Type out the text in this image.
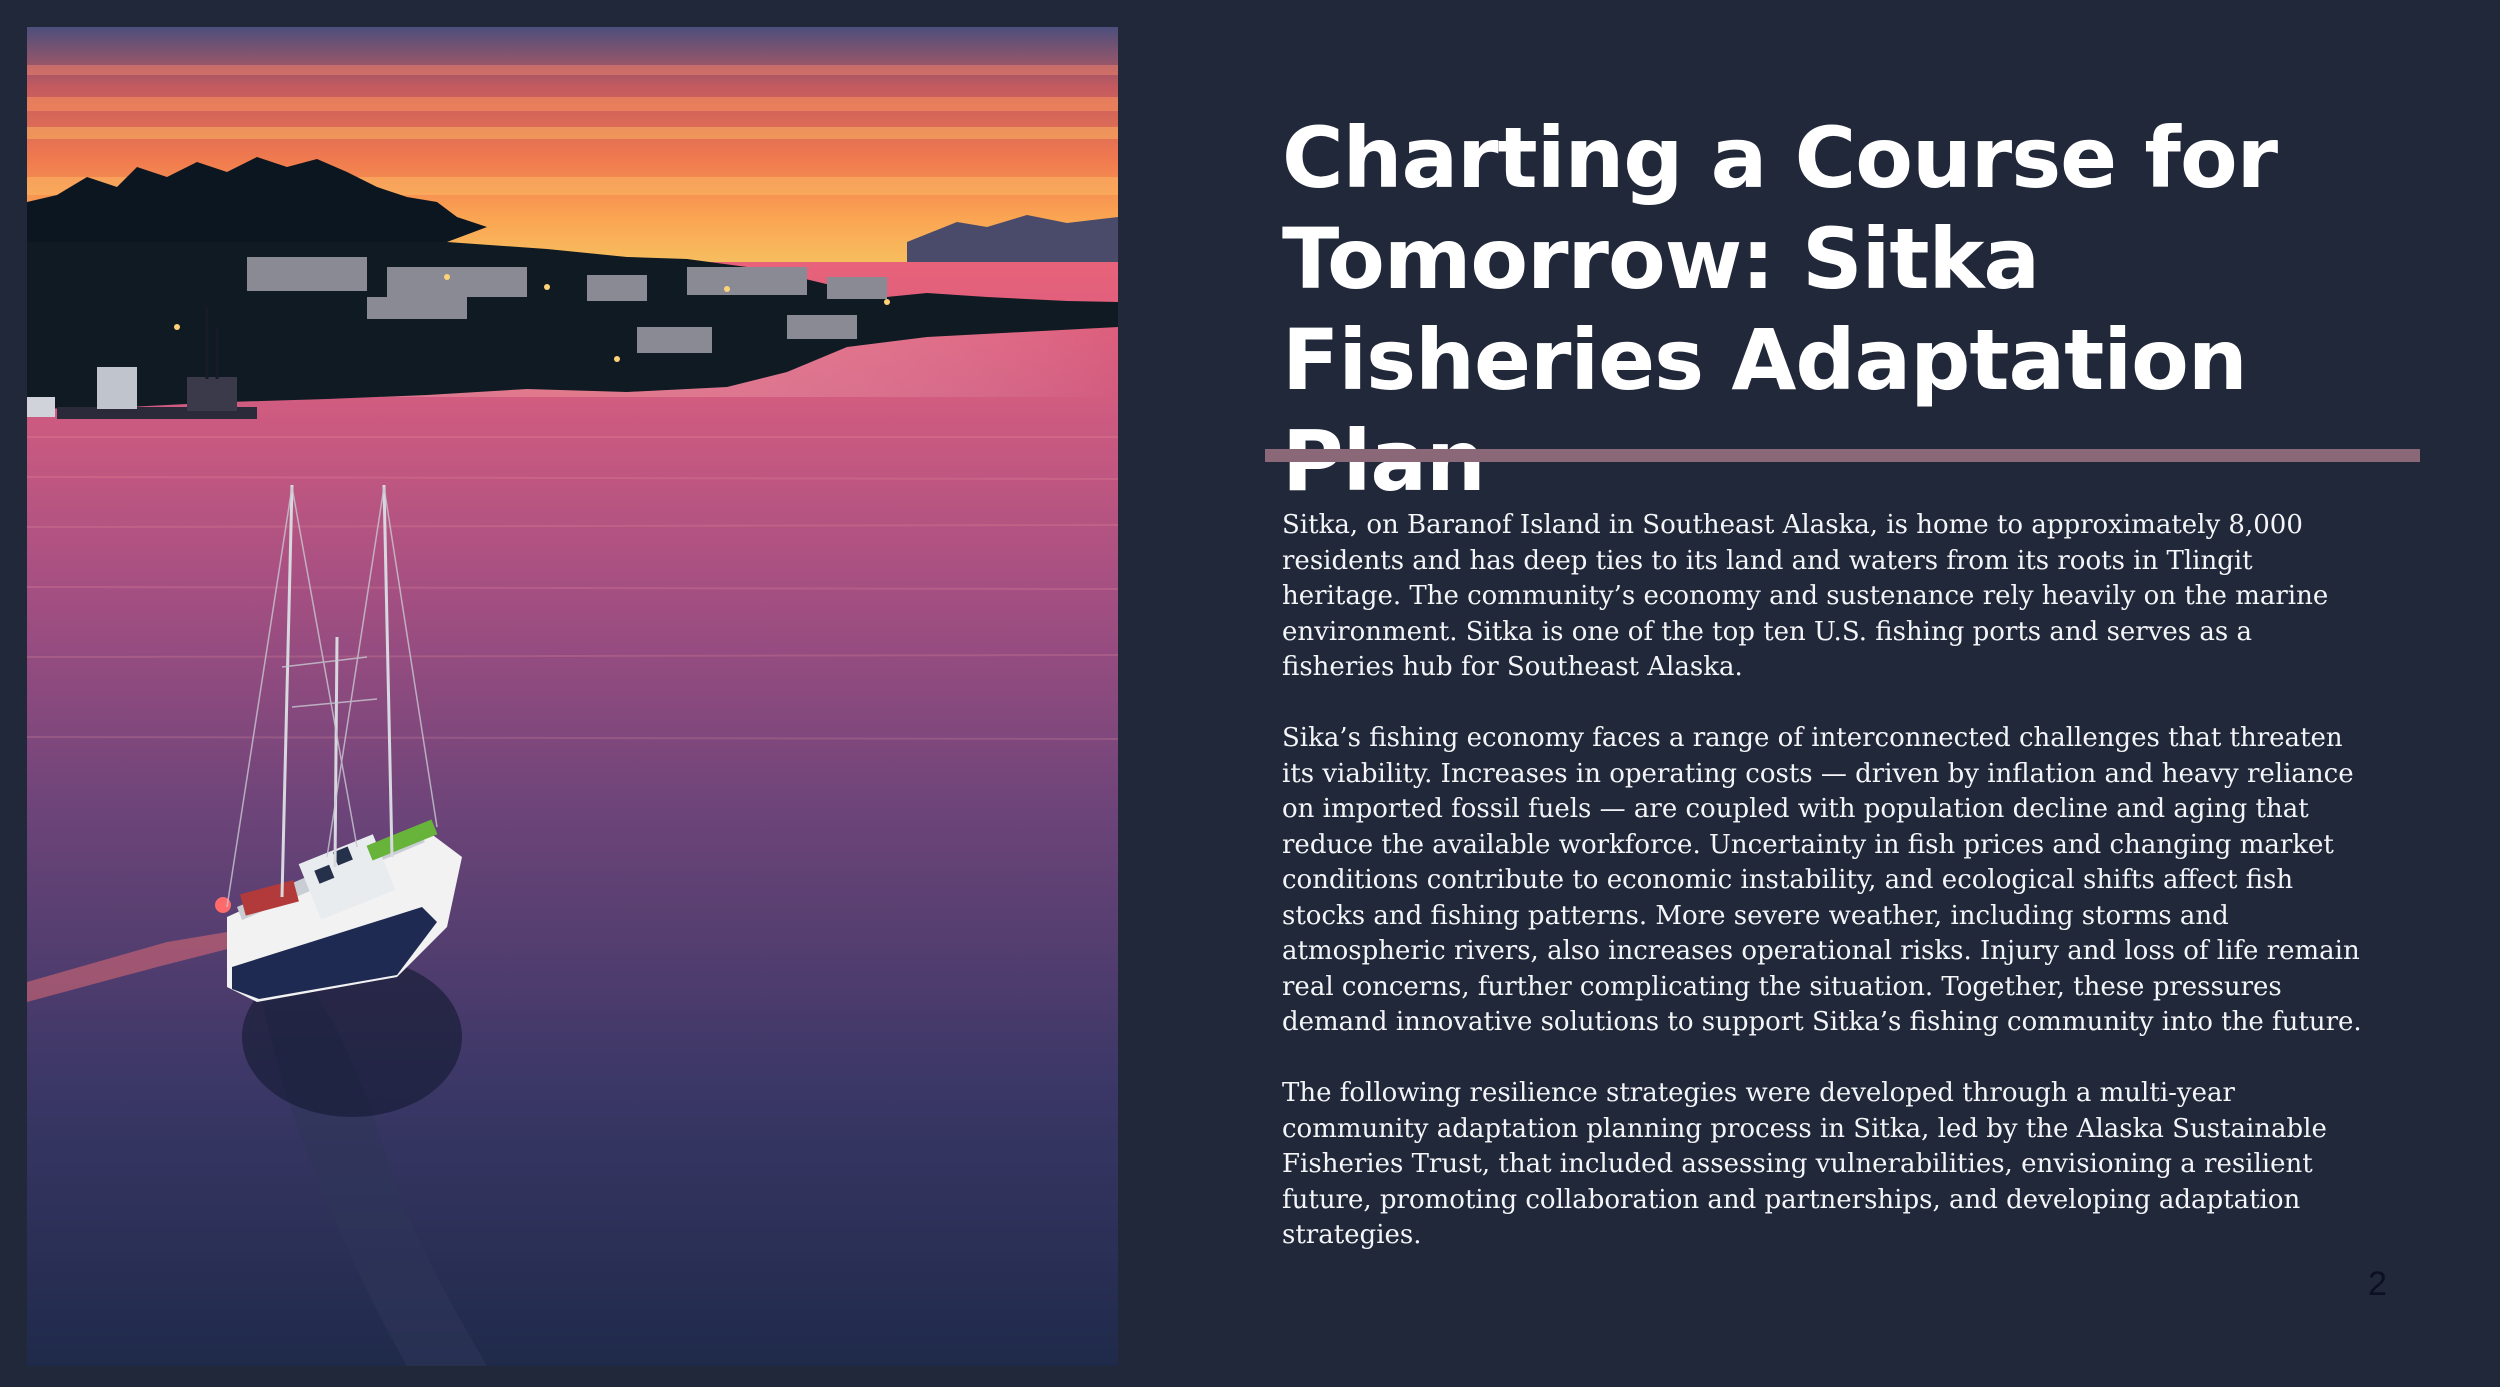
Charting a Course for Tomorrow: Sitka Fisheries Adaptation

Sitka, on Baranof Island in Southeast Alaska, is home to approximately 8,000 residents and has deep ties to its land and waters from its roots in Tlingit heritage. The community’s economy and sustenance rely heavily on the marine environment. Sitka is one of the top ten U.S. fishing ports and serves as a fisheries hub for Southeast Alaska.

Sika’s fishing economy faces a range of interconnected challenges that threaten its viability. Increases in operating costs — driven by inflation and heavy reliance on imported fossil fuels — are coupled with population decline and aging that reduce the available workforce. Uncertainty in fish prices and changing market conditions contribute to economic instability, and ecological shifts affect fish stocks and fishing patterns. More severe weather, including storms and atmospheric rivers, also increases operational risks. Injury and loss of life remain real concerns, further complicating the situation. Together, these pressures demand innovative solutions to support Sitka’s fishing community into the future.

The following resilience strategies were developed through a multi-year community adaptation planning process in Sitka, led by the Alaska Sustainable Fisheries Trust, that included assessing vulnerabilities, envisioning a resilient future, promoting collaboration and partnerships, and developing adaptation strategies.

2
